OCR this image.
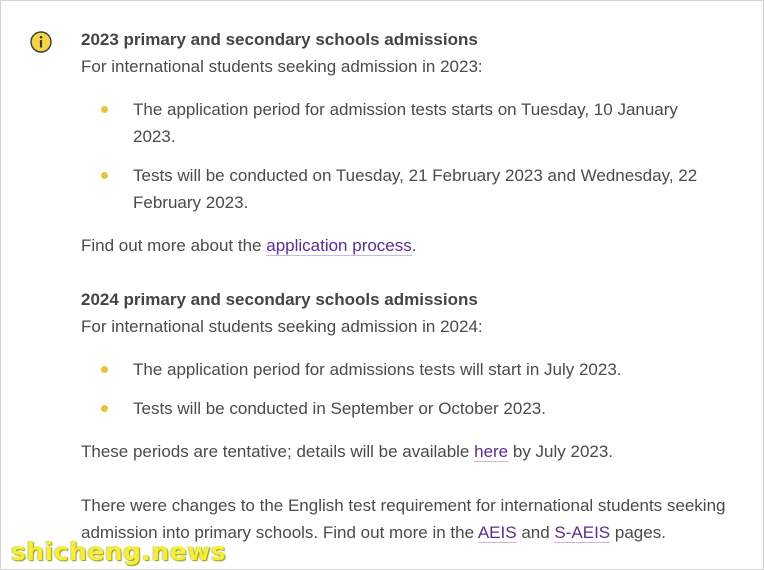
2023 primary and secondary schools admissions

For international students seeking admission in 2023:

The application period for admission tests starts on Tuesday, 10 January 2023.
Tests will be conducted on Tuesday, 21 February 2023 and Wednesday, 22 February 2023.

Find out more about the application process.

2024 primary and secondary schools admissions

For international students seeking admission in 2024:

The application period for admissions tests will start in July 2023.
Tests will be conducted in September or October 2023.

These periods are tentative; details will be available here by July 2023.

There were changes to the English test requirement for international students seeking admission into primary schools. Find out more in the AEIS and S-AEIS pages.

shicheng.news
